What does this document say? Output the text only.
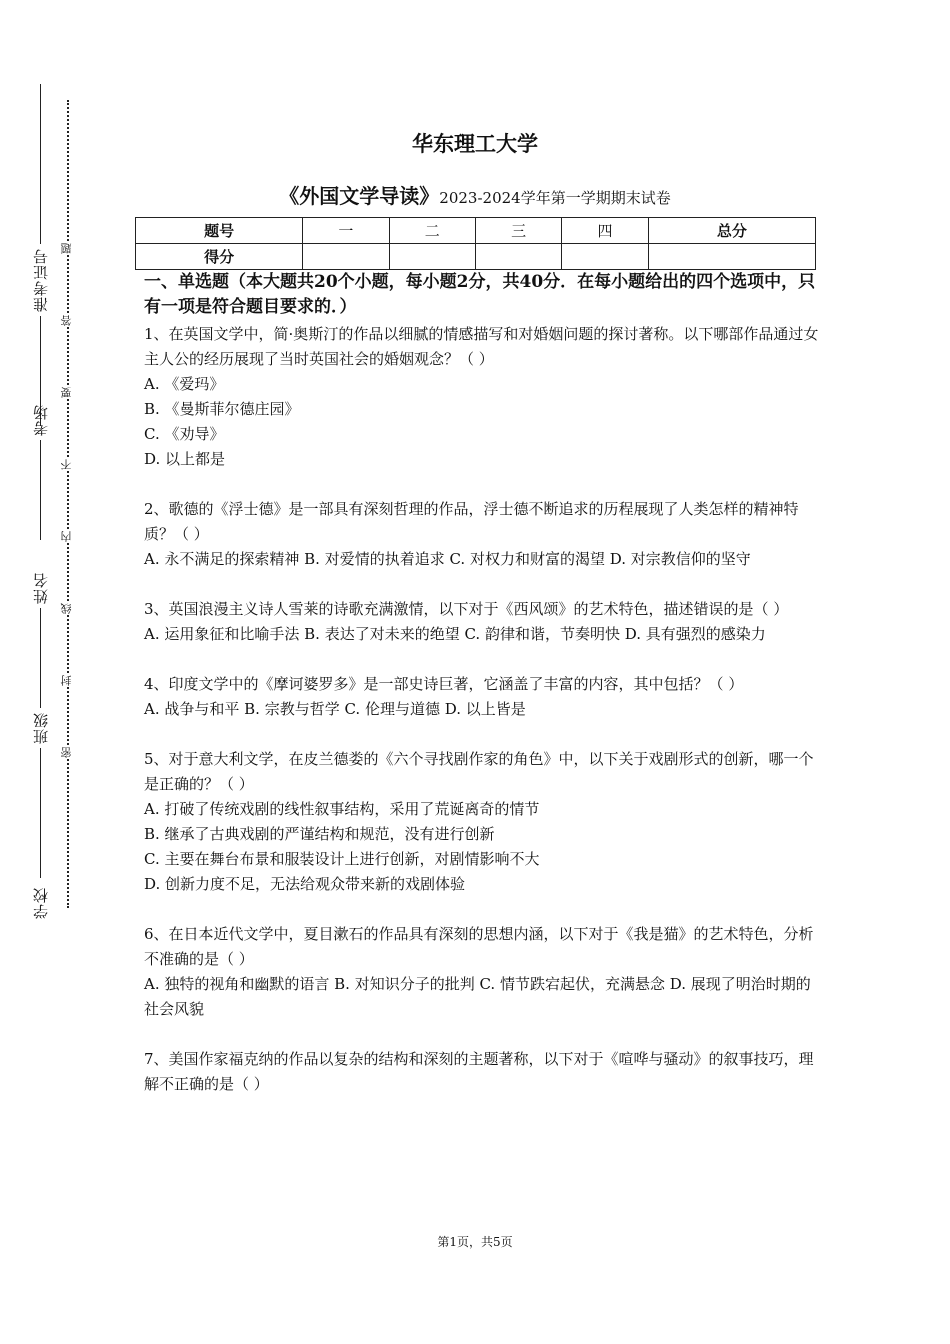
准考证号
考场
姓名
班级
学校
题
答
要
不
内
线
封
密
华东理工大学
《外国文学导读》2023-2024学年第一学期期末试卷
题号	一	二	三	四	总分
得分					

一、单选题（本大题共20个小题，每小题2分，共40分．在每小题给出的四个选项中，只有一项是符合题目要求的．）

1、在英国文学中，简·奥斯汀的作品以细腻的情感描写和对婚姻问题的探讨著称。以下哪部作品通过女主人公的经历展现了当时英国社会的婚姻观念？（ ）

A. 《爱玛》

B. 《曼斯菲尔德庄园》

C. 《劝导》

D. 以上都是

2、歌德的《浮士德》是一部具有深刻哲理的作品，浮士德不断追求的历程展现了人类怎样的精神特质？（ ）

A. 永不满足的探索精神 B. 对爱情的执着追求 C. 对权力和财富的渴望 D. 对宗教信仰的坚守

3、英国浪漫主义诗人雪莱的诗歌充满激情，以下对于《西风颂》的艺术特色，描述错误的是（ ）

A. 运用象征和比喻手法 B. 表达了对未来的绝望 C. 韵律和谐，节奏明快 D. 具有强烈的感染力

4、印度文学中的《摩诃婆罗多》是一部史诗巨著，它涵盖了丰富的内容，其中包括？（ ）

A. 战争与和平 B. 宗教与哲学 C. 伦理与道德 D. 以上皆是

5、对于意大利文学，在皮兰德娄的《六个寻找剧作家的角色》中，以下关于戏剧形式的创新，哪一个是正确的？（ ）

A. 打破了传统戏剧的线性叙事结构，采用了荒诞离奇的情节

B. 继承了古典戏剧的严谨结构和规范，没有进行创新

C. 主要在舞台布景和服装设计上进行创新，对剧情影响不大

D. 创新力度不足，无法给观众带来新的戏剧体验

6、在日本近代文学中，夏目漱石的作品具有深刻的思想内涵，以下对于《我是猫》的艺术特色，分析不准确的是（ ）

A. 独特的视角和幽默的语言 B. 对知识分子的批判 C. 情节跌宕起伏，充满悬念 D. 展现了明治时期的社会风貌

7、美国作家福克纳的作品以复杂的结构和深刻的主题著称，以下对于《喧哗与骚动》的叙事技巧，理解不正确的是（ ）

第1页，共5页
